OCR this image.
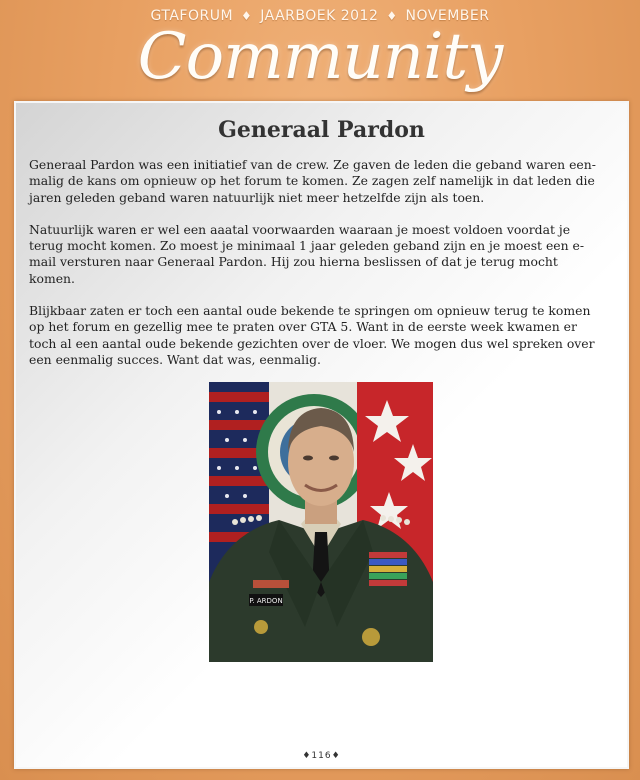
GTAFORUM ♦ JAARBOEK 2012 ♦ NOVEMBER
Community
Generaal Pardon

Generaal Pardon was een initiatief van de crew. Ze gaven de leden die geband waren een-malig de kans om opnieuw op het forum te komen. Ze zagen zelf namelijk in dat leden die jaren geleden geband waren natuurlijk niet meer hetzelfde zijn als toen.

Natuurlijk waren er wel een aaatal voorwaarden waaraan je moest voldoen voordat je terug mocht komen. Zo moest je minimaal 1 jaar geleden geband zijn en je moest een e-mail versturen naar Generaal Pardon. Hij zou hierna beslissen of dat je terug mocht komen.

Blijkbaar zaten er toch een aantal oude bekende te springen om opnieuw terug te komen op het forum en gezellig mee te praten over GTA 5. Want in de eerste week kwamen er toch al een aantal oude bekende gezichten over de vloer. We mogen dus wel spreken over een eenmalig succes. Want dat was, eenmalig.

P. ARDON
♦116♦
